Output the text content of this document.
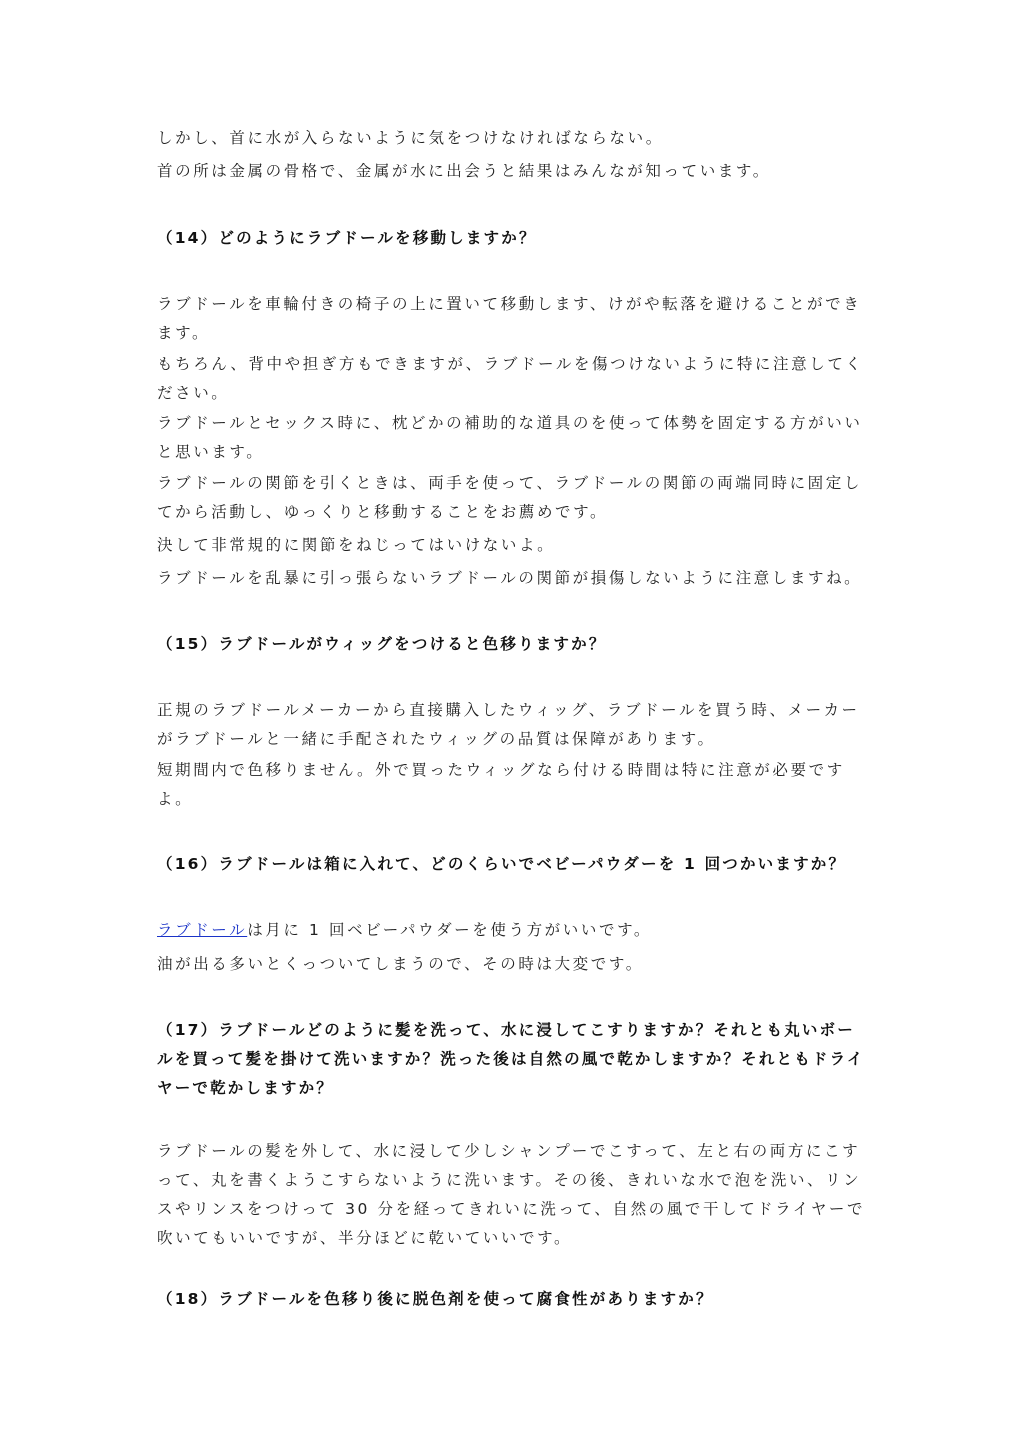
しかし、首に水が入らないように気をつけなければならない。

首の所は金属の骨格で、金属が水に出会うと結果はみんなが知っています。

（14）どのようにラブドールを移動しますか？

ラブドールを車輪付きの椅子の上に置いて移動します、けがや転落を避けることができます。

もちろん、背中や担ぎ方もできますが、ラブドールを傷つけないように特に注意してください。

ラブドールとセックス時に、枕どかの補助的な道具のを使って体勢を固定する方がいいと思います。

ラブドールの関節を引くときは、両手を使って、ラブドールの関節の両端同時に固定してから活動し、ゆっくりと移動することをお薦めです。

決して非常規的に関節をねじってはいけないよ。

ラブドールを乱暴に引っ張らないラブドールの関節が損傷しないように注意しますね。

（15）ラブドールがウィッグをつけると色移りますか？

正規のラブドールメーカーから直接購入したウィッグ、ラブドールを買う時、メーカーがラブドールと一緒に手配されたウィッグの品質は保障があります。

短期間内で色移りません。外で買ったウィッグなら付ける時間は特に注意が必要ですよ。

（16）ラブドールは箱に入れて、どのくらいでベビーパウダーを 1 回つかいますか？

ラブドールは月に 1 回ベビーパウダーを使う方がいいです。

油が出る多いとくっついてしまうので、その時は大変です。

（17）ラブドールどのように髪を洗って、水に浸してこすりますか？それとも丸いボールを買って髪を掛けて洗いますか？洗った後は自然の風で乾かしますか？それともドライヤーで乾かしますか？

ラブドールの髪を外して、水に浸して少しシャンプーでこすって、左と右の両方にこすって、丸を書くようこすらないように洗います。その後、きれいな水で泡を洗い、リンスやリンスをつけって 30 分を経ってきれいに洗って、自然の風で干してドライヤーで吹いてもいいですが、半分ほどに乾いていいです。

（18）ラブドールを色移り後に脱色剤を使って腐食性がありますか？
